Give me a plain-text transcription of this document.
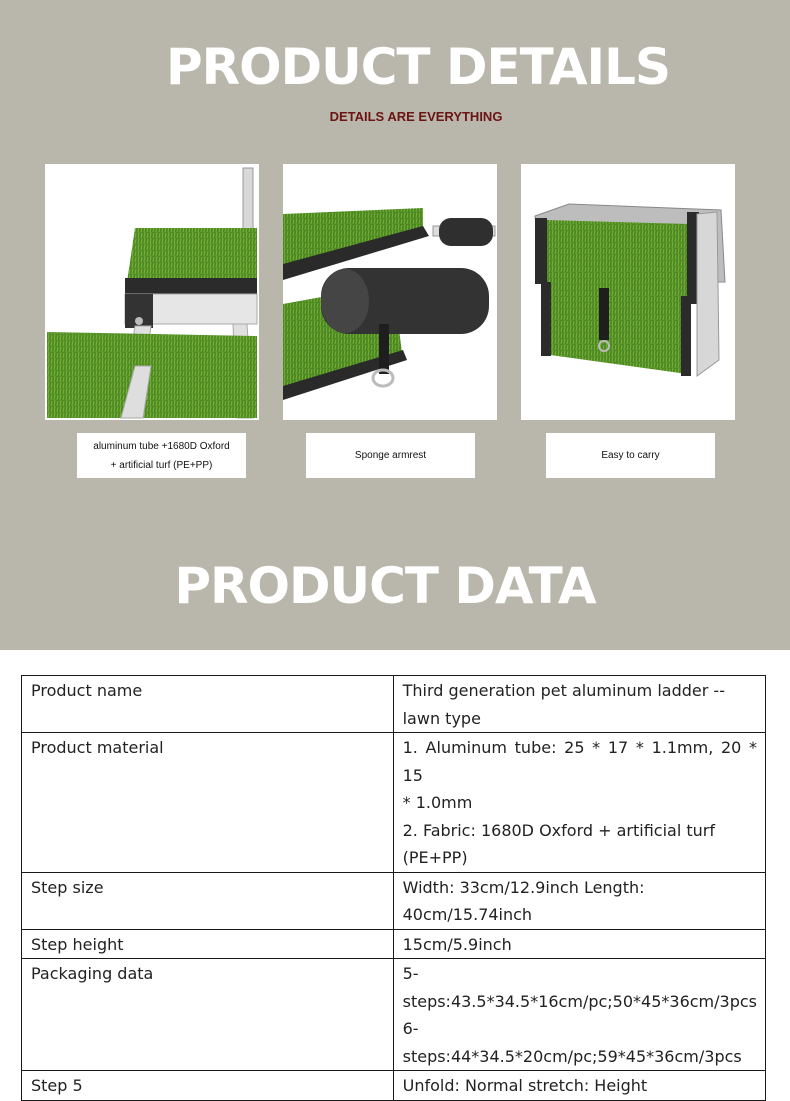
PRODUCT DETAILS
DETAILS ARE EVERYTHING
aluminum tube +1680D Oxford
+ artificial turf (PE+PP)
Sponge armrest	Easy to carry
PRODUCT DATA
Product name	Third generation pet aluminum ladder --
lawn type

Product material	1. Aluminum tube: 25 * 17 * 1.1mm, 20 * 15
* 1.0mm
2. Fabric: 1680D Oxford + artificial turf
(PE+PP)

Step size	Width: 33cm/12.9inch Length:
40cm/15.74inch

Step height	15cm/5.9inch

Packaging data	5-steps:43.5*34.5*16cm/pc;50*45*36cm/3pcs
6-steps:44*34.5*20cm/pc;59*45*36cm/3pcs

Step 5	Unfold: Normal stretch: Height
